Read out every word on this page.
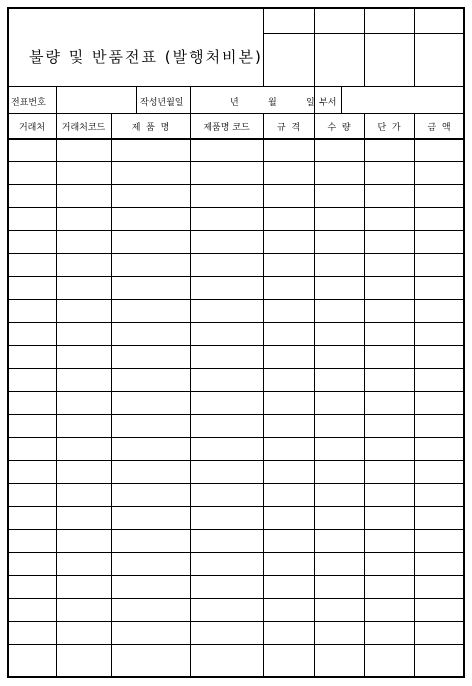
불량 및 반품전표 (발행처비본)
전표번호	작성년월일	년	월	일 부서
거래처	거래처코드	제  품  명	제품명 코드	규  격	수  량	단  가	금  액
